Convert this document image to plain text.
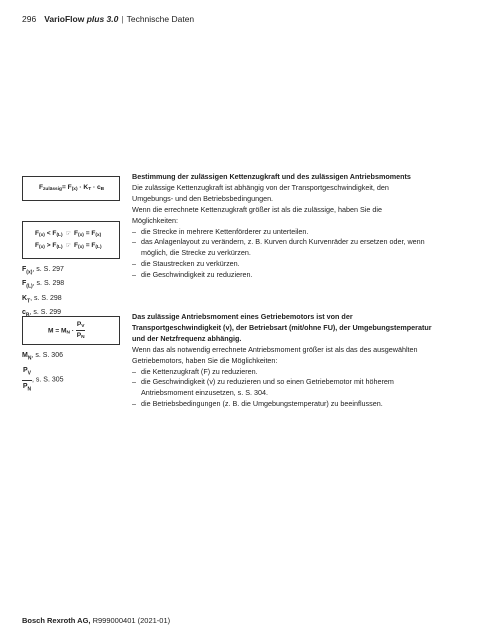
296 VarioFlow plus 3.0 | Technische Daten
$F_{zulässig}= F_{(x)} \cdot K_T \cdot c_B$
$F_{(x)} < F_{(L)}$ ☞ $F_{(x)} = F_{(x)}$
$F_{(x)} > F_{(L)}$ ☞ $F_{(x)} = F_{(L)}$
$F_{(x)}$, s. S. 297
$F_{(L)}$, s. S. 298
$K_T$, s. S. 298
c , s. S. 299
$M = M_N \cdot \frac{P_V}{P_N}$
$M_N$, s. S. 306
$\frac{P_V}{P_N}$ , s. S. 305
Bestimmung der zulässigen Kettenzugkraft und des zulässigen Antriebsmoments
Die zulässige Kettenzugkraft ist abhängig von der Transportgeschwindigkeit, den
Umgebungs- und den Betriebsbedingungen.
Wenn die errechnete Kettenzugkraft größer ist als die zulässige, haben Sie die
Möglichkeiten:
– die Strecke in mehrere Kettenförderer zu unterteilen.
– das Anlagenlayout zu verändern, z. B. Kurven durch Kurvenräder zu ersetzen oder, wenn
möglich, die Strecke zu verkürzen.
– die Staustrecken zu verkürzen.
– die Geschwindigkeit zu reduzieren.
Das zulässige Antriebsmoment eines Getriebemotors ist von der
Transportgeschwindigkeit (v), der Betriebsart (mit/ohne FU), der Umgebungstemperatur
und der Netzfrequenz abhängig.
Wenn das als notwendig errechnete Antriebsmoment größer ist als das des ausgewählten
Getriebemotors, haben Sie die Möglichkeiten:
– die Kettenzugkraft (F) zu reduzieren.
– die Geschwindigkeit (v) zu reduzieren und so einen Getriebemotor mit höherem
Antriebsmoment einzusetzen, s. S. 304.
– die Betriebsbedingungen (z. B. die Umgebungstemperatur) zu beeinflussen.
Bosch Rexroth AG, R999000401 (2021-01)
